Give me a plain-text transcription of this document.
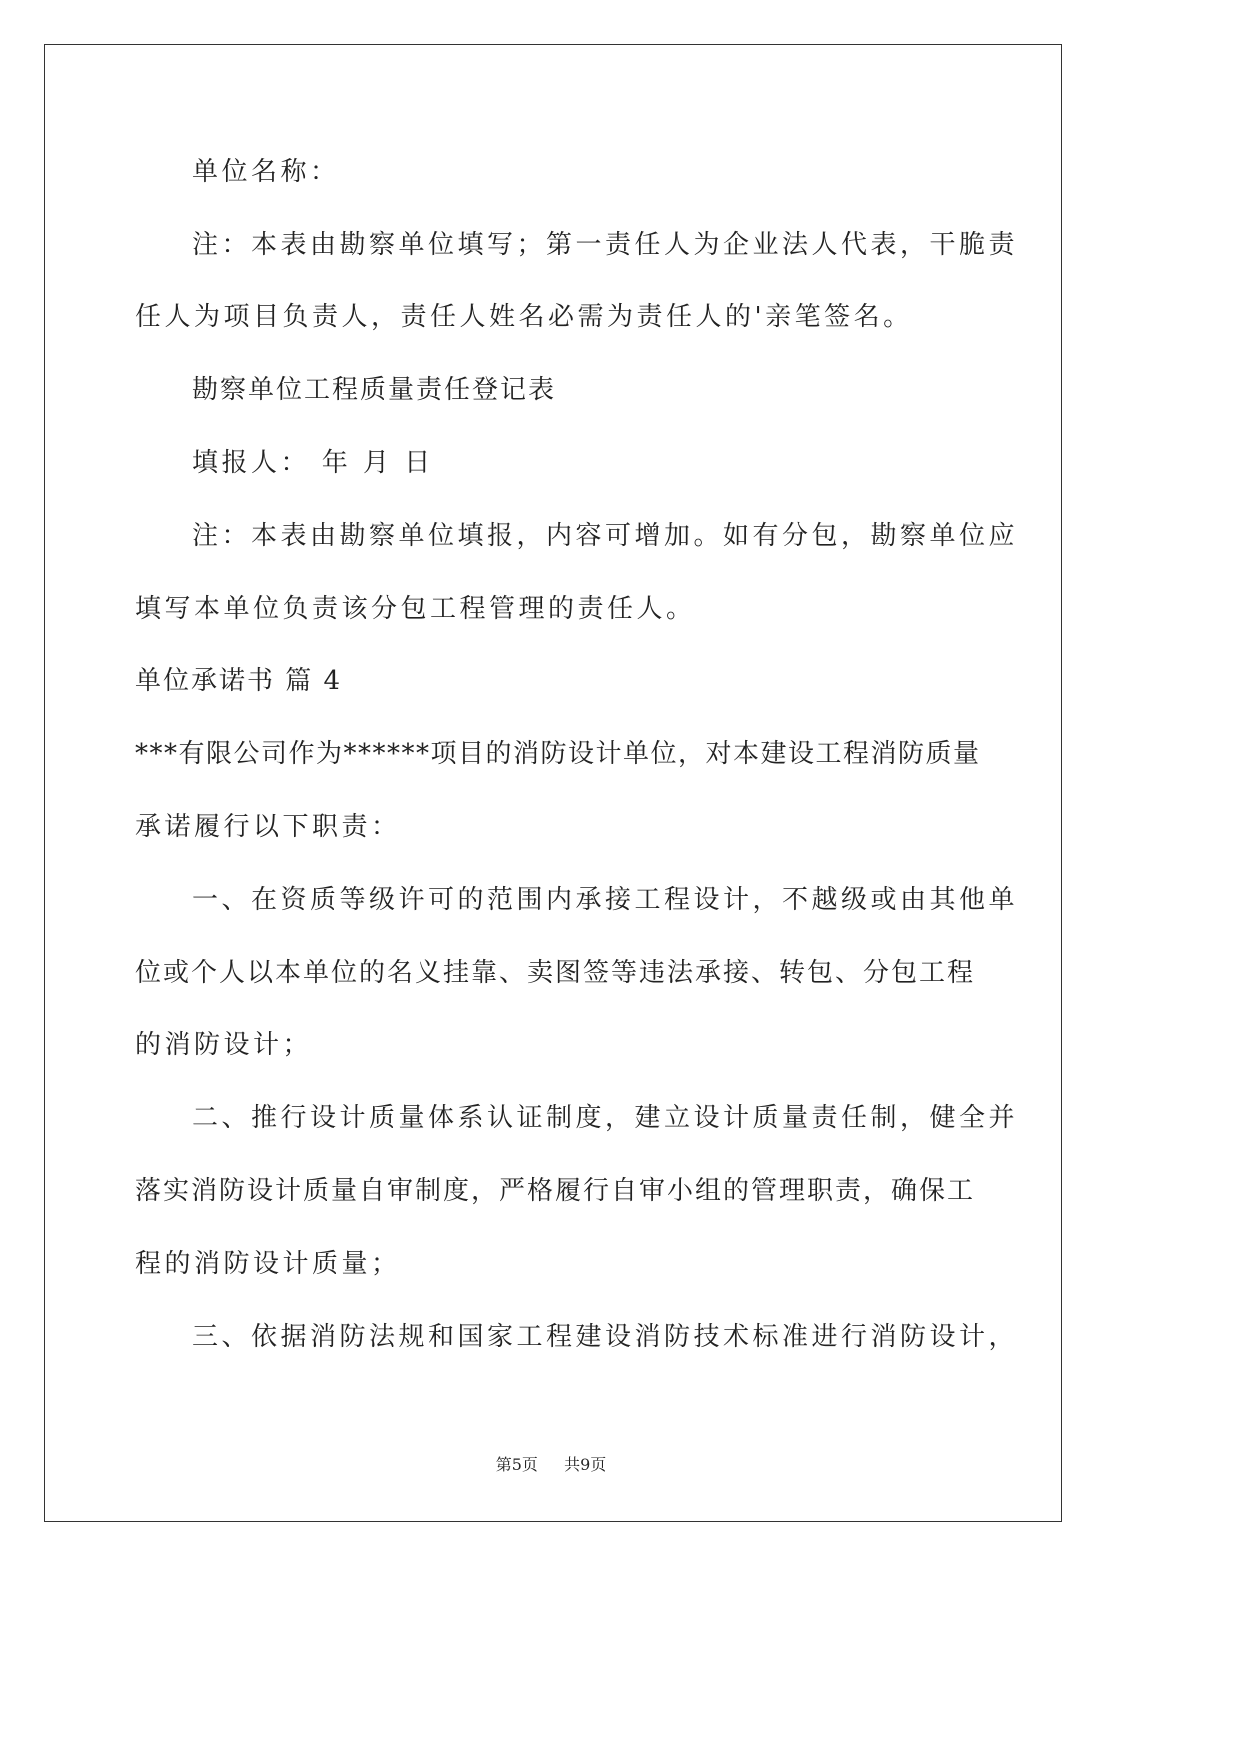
单位名称：
注：本表由勘察单位填写；第一责任人为企业法人代表，干脆责
任人为项目负责人，责任人姓名必需为责任人的'亲笔签名。
勘察单位工程质量责任登记表
填报人： 年 月 日
注：本表由勘察单位填报，内容可增加。如有分包，勘察单位应
填写本单位负责该分包工程管理的责任人。
单位承诺书 篇 4
***有限公司作为******项目的消防设计单位，对本建设工程消防质量
承诺履行以下职责：
一、在资质等级许可的范围内承接工程设计，不越级或由其他单
位或个人以本单位的名义挂靠、卖图签等违法承接、转包、分包工程
的消防设计；
二、推行设计质量体系认证制度，建立设计质量责任制，健全并
落实消防设计质量自审制度，严格履行自审小组的管理职责，确保工
程的消防设计质量；
三、依据消防法规和国家工程建设消防技术标准进行消防设计，
第5页 共9页
